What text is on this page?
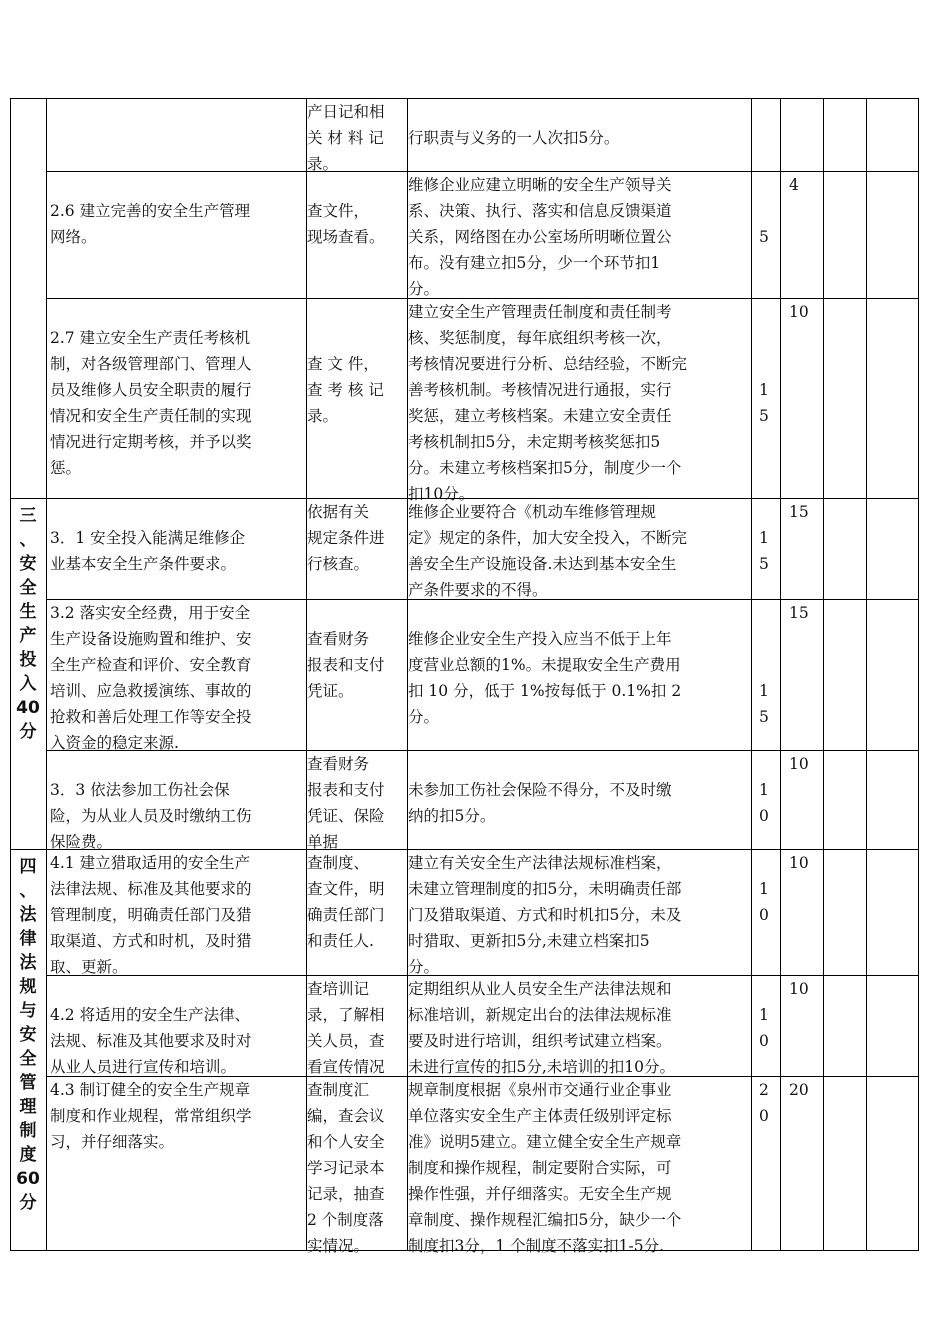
三
、
安
全
生
产
投
入
40
分
四
、
法
律
法
规
与
安
全
管
理
制
度
60
分
产日记和相
关 材 料 记
录。
行职责与义务的一人次扣5分。
2.6 建立完善的安全生产管理
网络。
查文件，
现场查看。
维修企业应建立明晰的安全生产领导关
系、决策、执行、落实和信息反馈渠道
关系，网络图在办公室场所明晰位置公
布。没有建立扣5分，少一个环节扣1
分。
5
4
2.7 建立安全生产责任考核机
制，对各级管理部门、管理人
员及维修人员安全职责的履行
情况和安全生产责任制的实现
情况进行定期考核，并予以奖
惩。
查 文 件，
查 考 核 记
录。
建立安全生产管理责任制度和责任制考
核、奖惩制度，每年底组织考核一次，
考核情况要进行分析、总结经验，不断完
善考核机制。考核情况进行通报，实行
奖惩，建立考核档案。未建立安全责任
考核机制扣5分，未定期考核奖惩扣5
分。未建立考核档案扣5分，制度少一个
扣10分。
1
5
10
3．1 安全投入能满足维修企
业基本安全生产条件要求。
依据有关
规定条件进
行核查。
维修企业要符合《机动车维修管理规
定》规定的条件，加大安全投入，不断完
善安全生产设施设备.未达到基本安全生
产条件要求的不得。
1
5
15
3.2 落实安全经费，用于安全
生产设备设施购置和维护、安
全生产检查和评价、安全教育
培训、应急救援演练、事故的
抢救和善后处理工作等安全投
入资金的稳定来源.
查看财务
报表和支付
凭证。
维修企业安全生产投入应当不低于上年
度营业总额的1%。未提取安全生产费用
扣 10 分，低于 1%按每低于 0.1%扣 2
分。
1
5
15
3．3 依法参加工伤社会保
险，为从业人员及时缴纳工伤
保险费。
查看财务
报表和支付
凭证、保险
单据
未参加工伤社会保险不得分，不及时缴
纳的扣5分。
1
0
10
4.1 建立猎取适用的安全生产
法律法规、标准及其他要求的
管理制度，明确责任部门及猎
取渠道、方式和时机，及时猎
取、更新。
查制度、
查文件，明
确责任部门
和责任人.
建立有关安全生产法律法规标准档案，
未建立管理制度的扣5分，未明确责任部
门及猎取渠道、方式和时机扣5分，未及
时猎取、更新扣5分,未建立档案扣5
分。
1
0
10
4.2 将适用的安全生产法律、
法规、标准及其他要求及时对
从业人员进行宣传和培训。
查培训记
录，了解相
关人员，查
看宣传情况
定期组织从业人员安全生产法律法规和
标准培训，新规定出台的法律法规标准
要及时进行培训，组织考试建立档案。
未进行宣传的扣5分,未培训的扣10分。
1
0
10
4.3 制订健全的安全生产规章
制度和作业规程，常常组织学
习，并仔细落实。
查制度汇
编，查会议
和个人安全
学习记录本
记录，抽查
2 个制度落
实情况。
规章制度根据《泉州市交通行业企事业
单位落实安全生产主体责任级别评定标
准》说明5建立。建立健全安全生产规章
制度和操作规程，制定要附合实际，可
操作性强，并仔细落实。无安全生产规
章制度、操作规程汇编扣5分，缺少一个
制度扣3分，1 个制度不落实扣1-5分.
2
0
20
